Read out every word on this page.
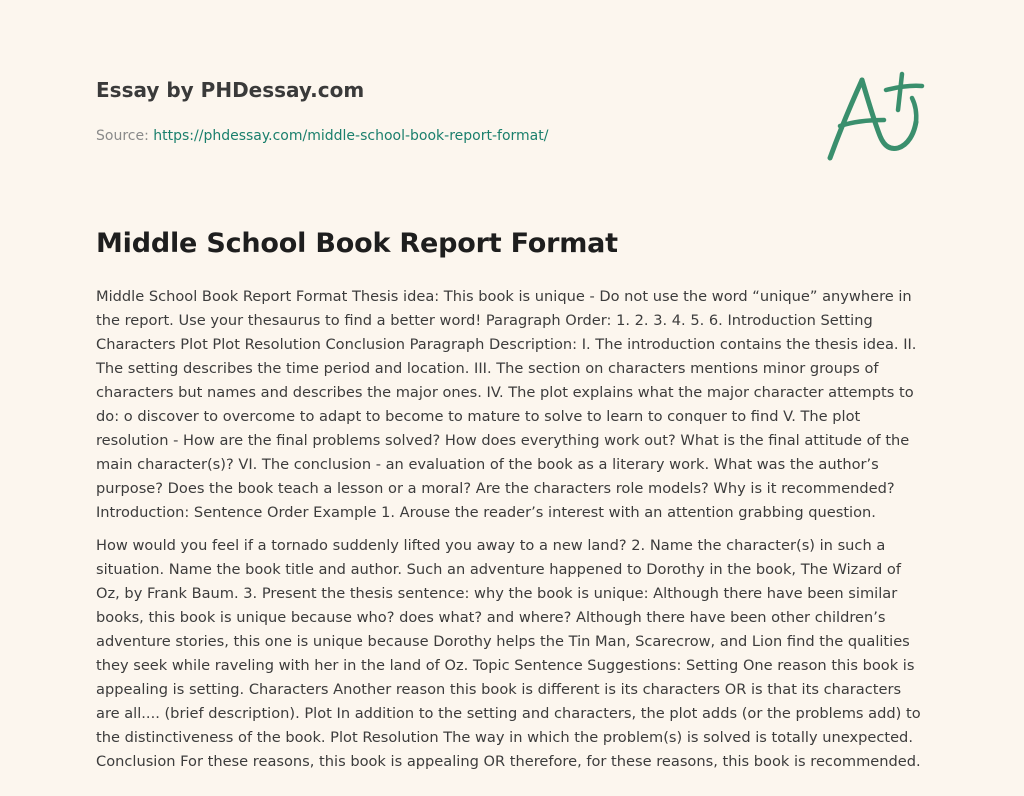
Essay by PHDessay.com
Source: https://phdessay.com/middle-school-book-report-format/
Middle School Book Report Format

Middle School Book Report Format Thesis idea: This book is unique - Do not use the word “unique” anywhere in the report. Use your thesaurus to find a better word! Paragraph Order: 1. 2. 3. 4. 5. 6. Introduction Setting Characters Plot Plot Resolution Conclusion Paragraph Description: I. The introduction contains the thesis idea. II. The setting describes the time period and location. III. The section on characters mentions minor groups of characters but names and describes the major ones. IV. The plot explains what the major character attempts to do: o discover to overcome to adapt to become to mature to solve to learn to conquer to find V. The plot resolution - How are the final problems solved? How does everything work out? What is the final attitude of the main character(s)? VI. The conclusion - an evaluation of the book as a literary work. What was the author’s purpose? Does the book teach a lesson or a moral? Are the characters role models? Why is it recommended? Introduction: Sentence Order Example 1. Arouse the reader’s interest with an attention grabbing question.

How would you feel if a tornado suddenly lifted you away to a new land? 2. Name the character(s) in such a situation. Name the book title and author. Such an adventure happened to Dorothy in the book, The Wizard of Oz, by Frank Baum. 3. Present the thesis sentence: why the book is unique: Although there have been similar books, this book is unique because who? does what? and where? Although there have been other children’s adventure stories, this one is unique because Dorothy helps the Tin Man, Scarecrow, and Lion find the qualities they seek while raveling with her in the land of Oz. Topic Sentence Suggestions: Setting One reason this book is appealing is setting. Characters Another reason this book is different is its characters OR is that its characters are all.... (brief description). Plot In addition to the setting and characters, the plot adds (or the problems add) to the distinctiveness of the book. Plot Resolution The way in which the problem(s) is solved is totally unexpected. Conclusion For these reasons, this book is appealing OR therefore, for these reasons, this book is recommended.
